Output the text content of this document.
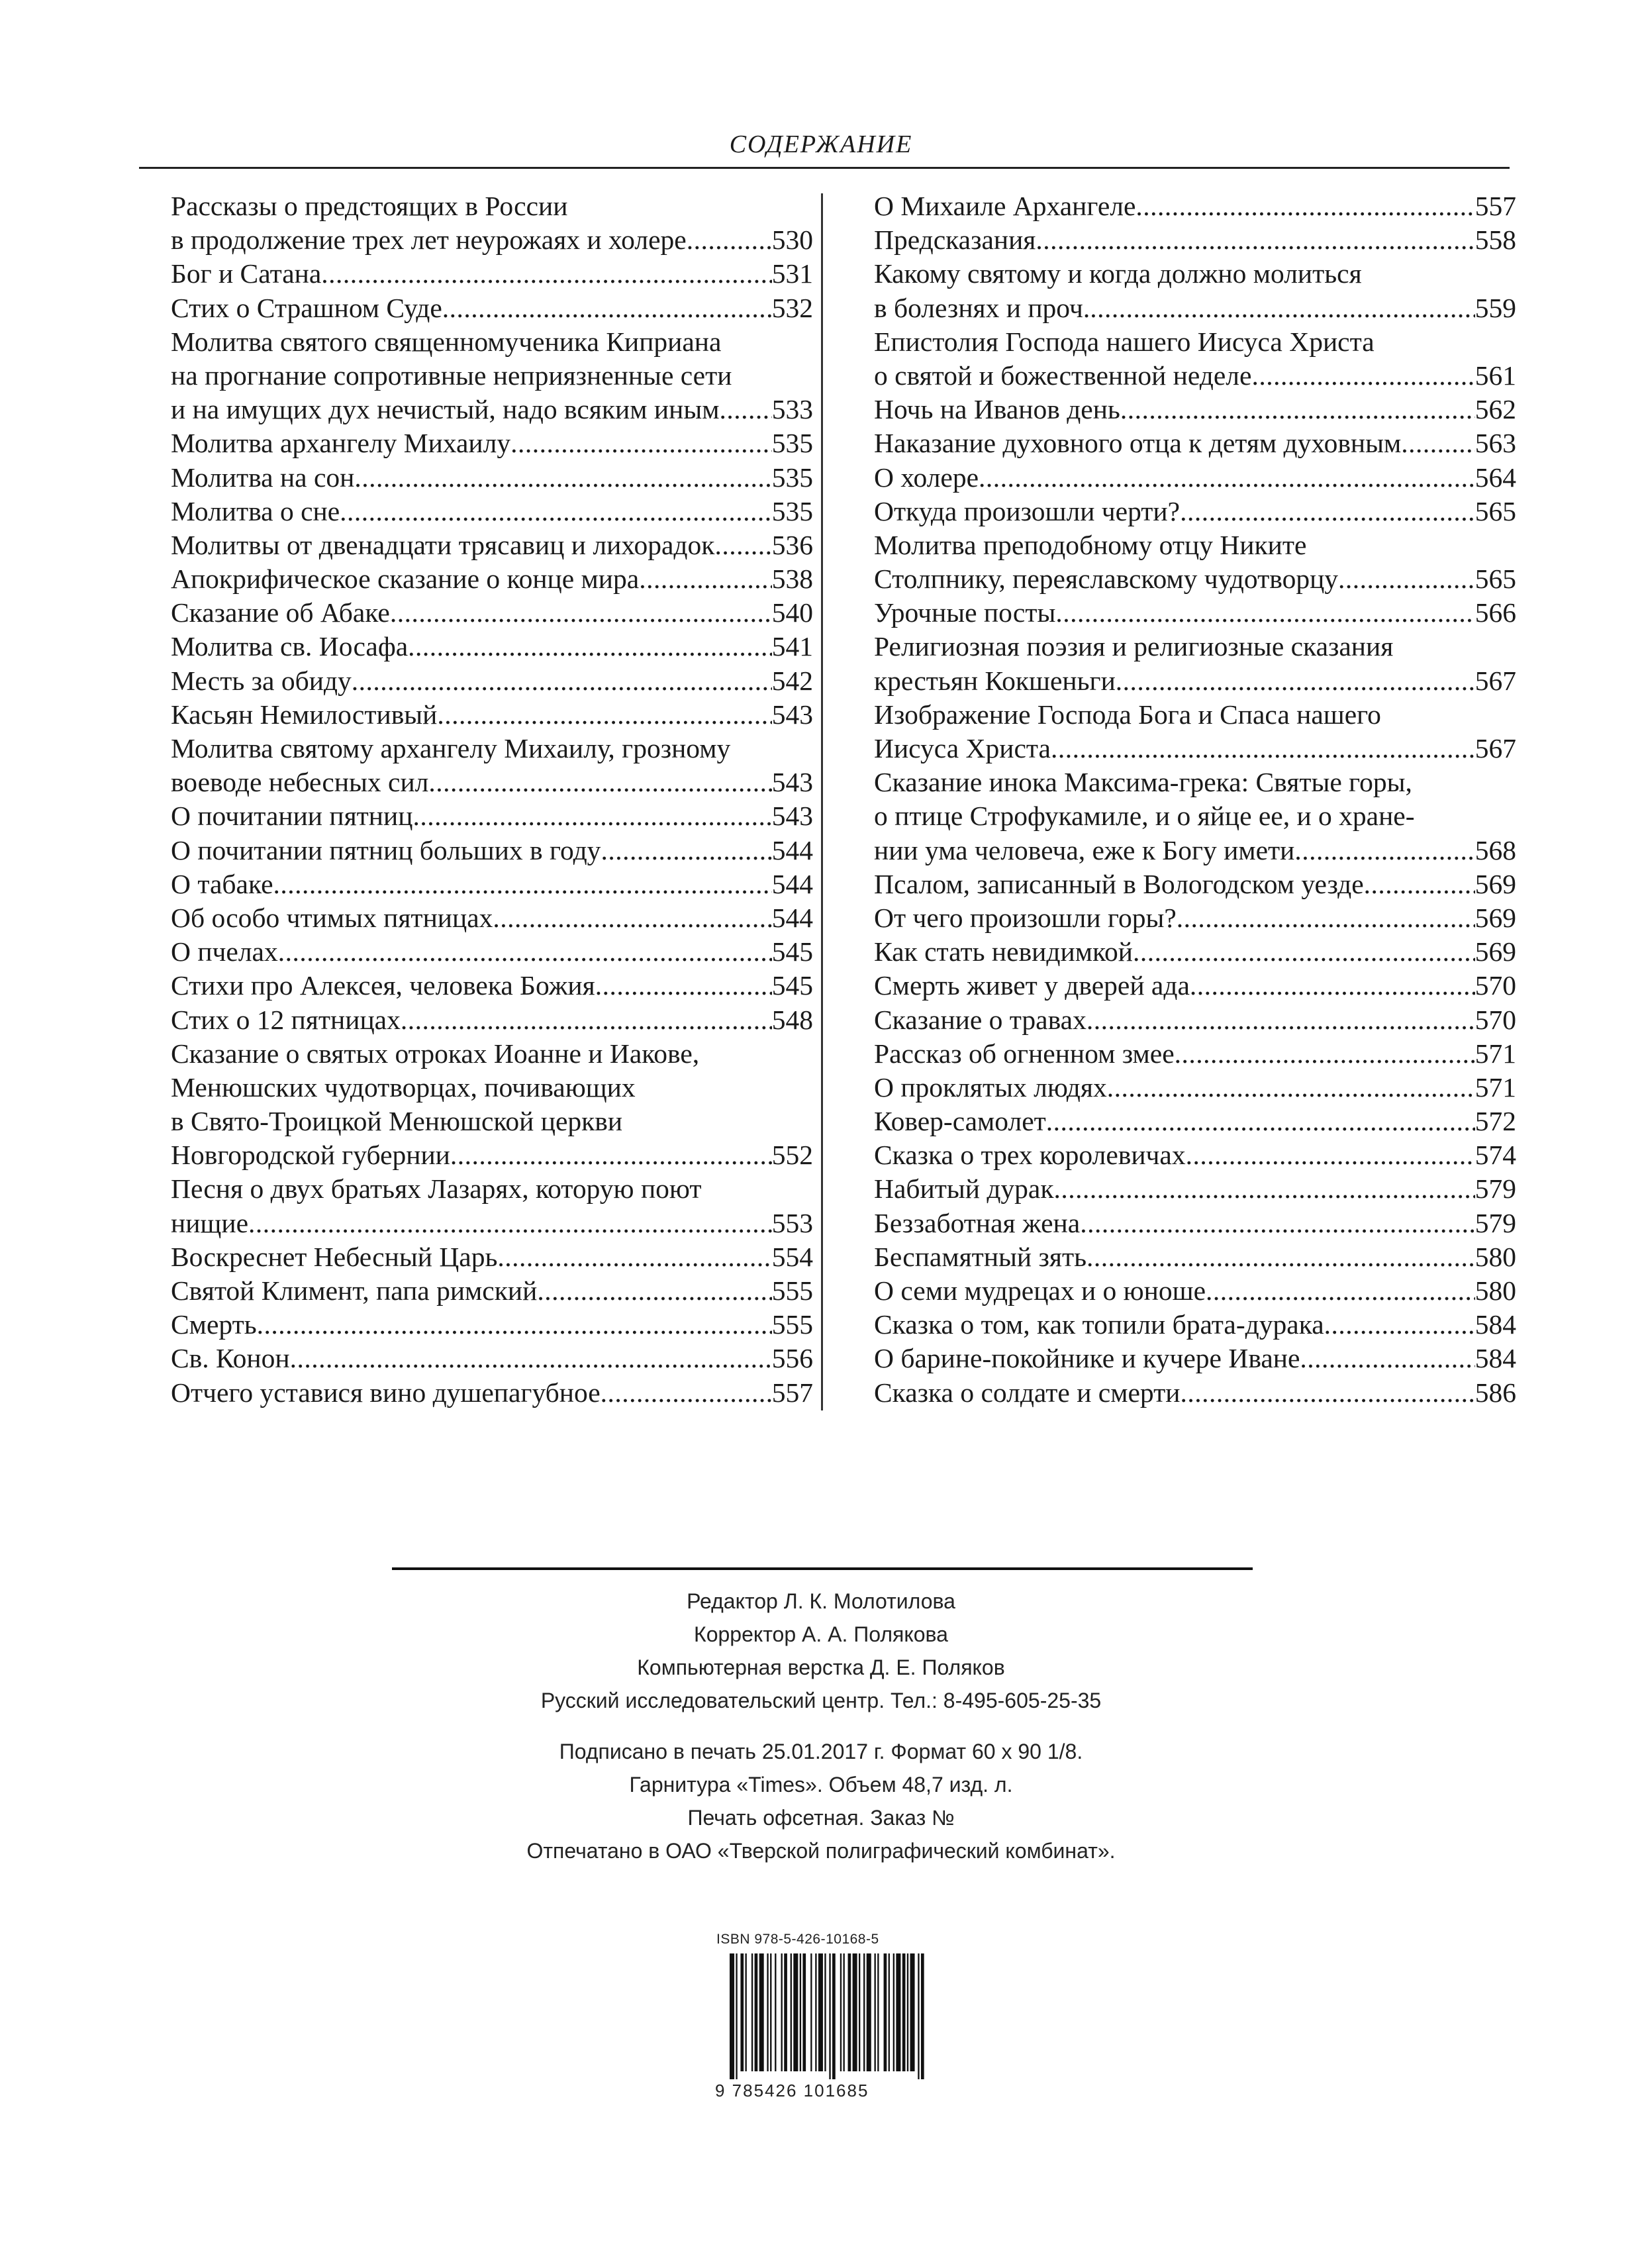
СОДЕРЖАНИЕ
Рассказы о предстоящих в России
в продолжение трех лет неурожаях и холере .....	530
Бог и Сатана .....	531
Стих о Страшном Суде .....	532
Молитва святого священномученика Киприана
на прогнание сопротивные неприязненные сети
и на имущих дух нечистый, надо всяким иным ..... 533
Молитва архангелу Михаилу .....	535
Молитва на сон .....	535
Молитва о сне .....	535
Молитвы от двенадцати трясавиц и лихорадок ..... 536
Апокрифическое сказание о конце мира .....	538
Сказание об Абаке .....	540
Молитва св. Иосафа .....	541
Месть за обиду .....	542
Касьян Немилостивый .....	543
Молитва святому архангелу Михаилу, грозному
воеводе небесных сил .....	543
О почитании пятниц .....	543
О почитании пятниц больших в году .....	544
О табаке .....	544
Об особо чтимых пятницах .....	544
О пчелах .....	545
Стихи про Алексея, человека Божия .....	545
Стих о 12 пятницах .....	548
Сказание о святых отроках Иоанне и Иакове,
Менюшских чудотворцах, почивающих
в Свято-Троицкой Менюшской церкви
Новгородской губернии .....	552
Песня о двух братьях Лазарях, которую поют
нищие .....	553
Воскреснет Небесный Царь .....	554
Святой Климент, папа римский .....	555
Смерть .....	555
Св. Конон .....	556
Отчего уставися вино душепагубное .....	557
О Михаиле Архангеле .....	557
Предсказания .....	558
Какому святому и когда должно молиться
в болезнях и проч. .....	559
Епистолия Господа нашего Иисуса Христа
о святой и божественной неделе .....	561
Ночь на Иванов день .....	562
Наказание духовного отца к детям духовным .....	563
О холере .....	564
Откуда произошли черти? .....	565
Молитва преподобному отцу Никите
Столпнику, переяславскому чудотворцу .....	565
Урочные посты .....	566
Религиозная поэзия и религиозные сказания
крестьян Кокшеньги .....	567
Изображение Господа Бога и Спаса нашего
Иисуса Христа .....	567
Сказание инока Максима-грека: Святые горы,
о птице Строфукамиле, и о яйце ее, и о хране-
нии ума человеча, еже к Богу имети .....	568
Псалом, записанный в Вологодском уезде .....	569
От чего произошли горы? .....	569
Как стать невидимкой .....	569
Смерть живет у дверей ада .....	570
Сказание о травах .....	570
Рассказ об огненном змее .....	571
О проклятых людях .....	571
Ковер-самолет .....	572
Сказка о трех королевичах .....	574
Набитый дурак .....	579
Беззаботная жена .....	579
Беспамятный зять .....	580
О семи мудрецах и о юноше .....	580
Сказка о том, как топили брата-дурака .....	584
О барине-покойнике и кучере Иване .....	584
Сказка о солдате и смерти .....	586
Редактор Л. К. Молотилова
Корректор А. А. Полякова
Компьютерная верстка Д. Е. Поляков
Русский исследовательский центр. Тел.: 8-495-605-25-35
Подписано в печать 25.01.2017 г. Формат 60 х 90 1/8.
Гарнитура «Times». Объем 48,7 изд. л.
Печать офсетная. Заказ №
Отпечатано в ОАО «Тверской полиграфический комбинат».
ISBN 978-5-426-10168-5
9 785426 101685
